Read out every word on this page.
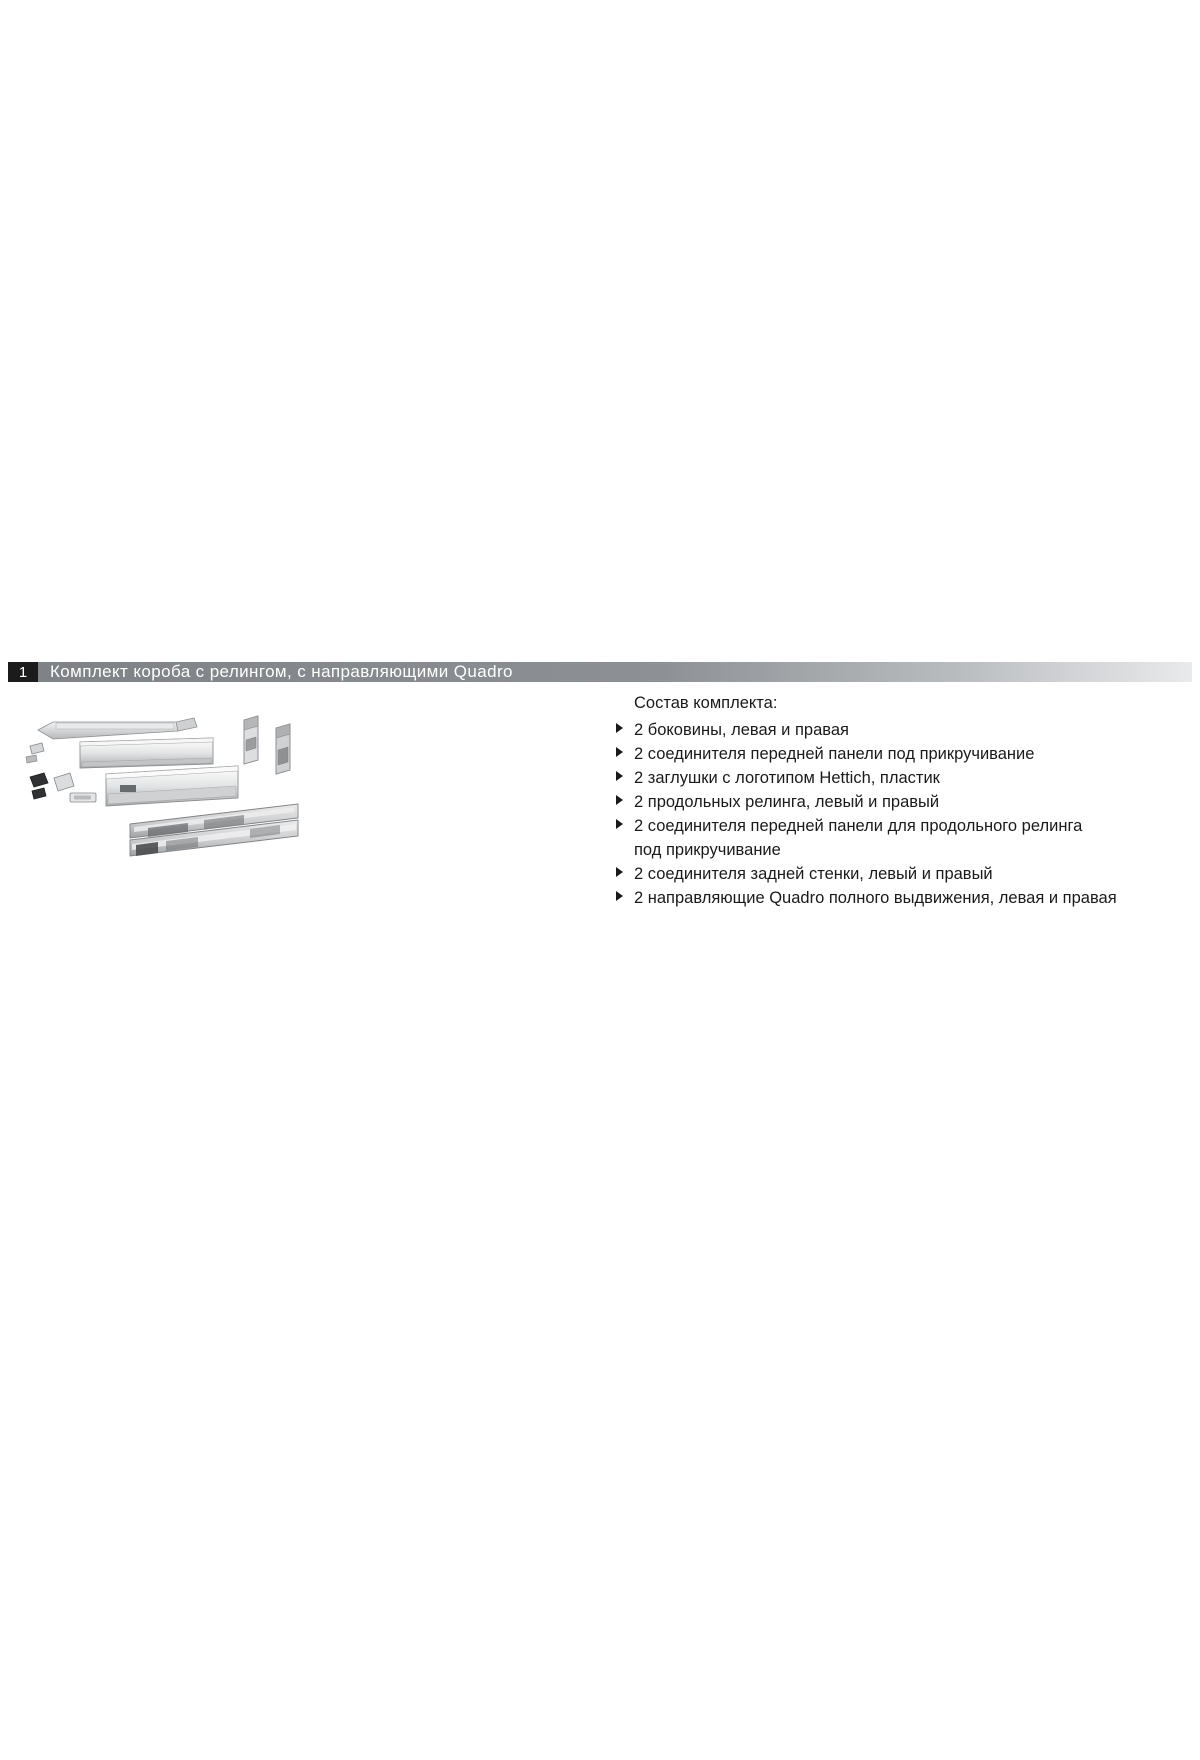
1	Комплект короба с релингом, с направляющими Quadro

Состав комплекта:

2 боковины, левая и правая
2 соединителя передней панели под прикручивание
2 заглушки с логотипом Hettich, пластик
2 продольных релинга, левый и правый
2 соединителя передней панели для продольного релинга
под прикручивание
2 соединителя задней стенки, левый и правый
2 направляющие Quadro полного выдвижения, левая и правая
